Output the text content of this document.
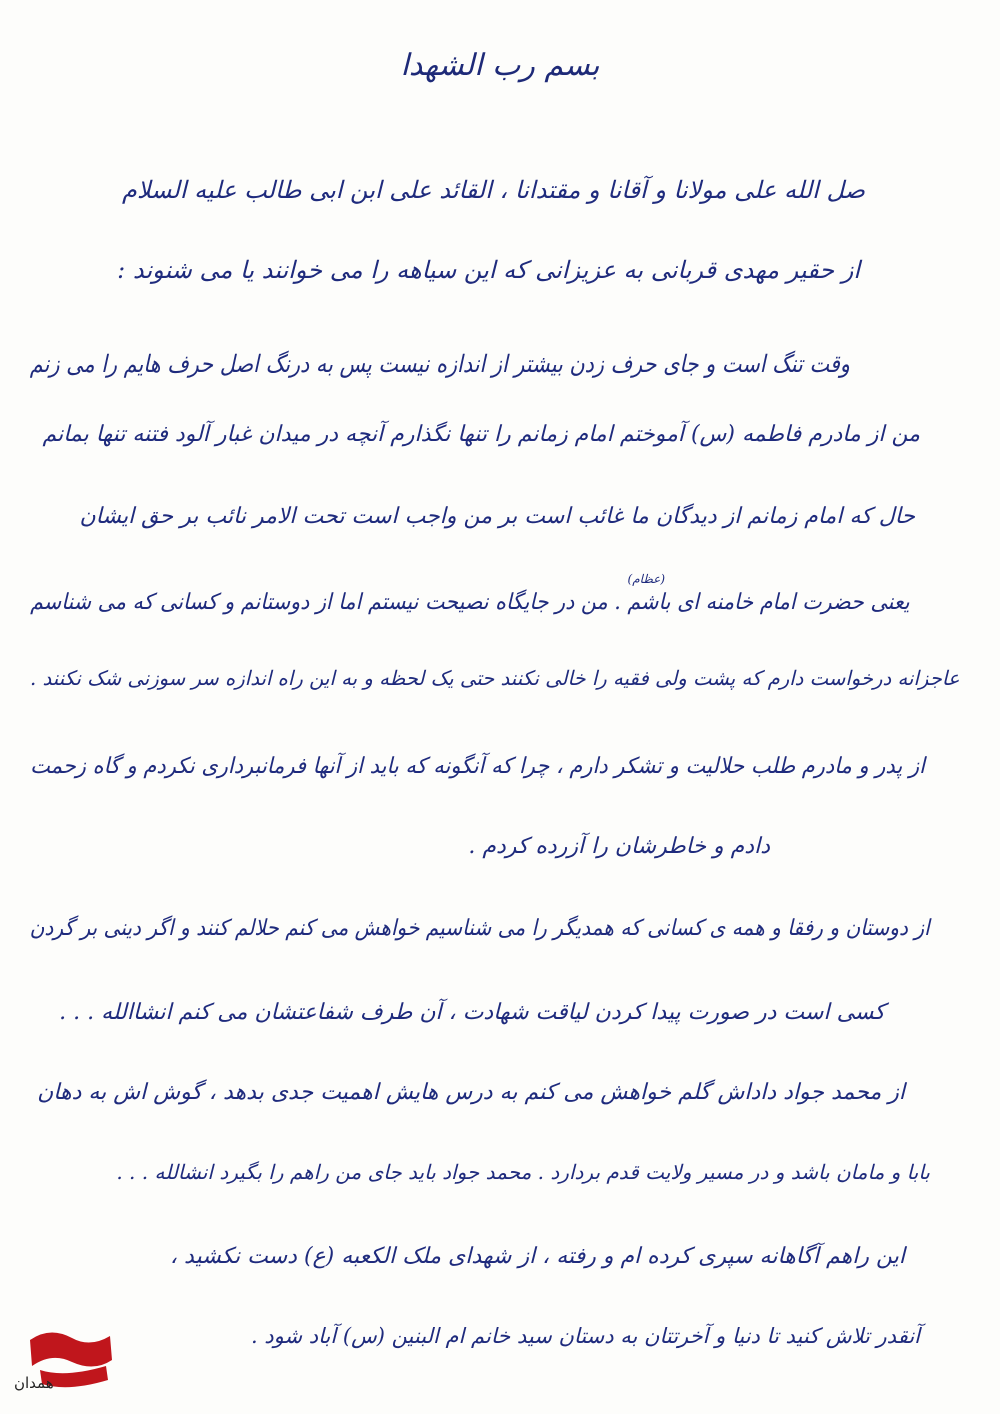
بسم رب الشهدا
صل الله علی مولانا و آقانا و مقتدانا ، القائد علی ابن ابی طالب علیه السلام
از حقیر مهدی قربانی به عزیزانی که این سیاهه را می خوانند یا می شنوند :
وقت تنگ است و جای حرف زدن بیشتر از اندازه نیست پس به درنگ اصل حرف هایم را می زنم
من از مادرم فاطمه (س) آموختم امام زمانم را تنها نگذارم آنچه در میدان غبار آلود فتنه تنها بمانم
حال که امام زمانم از دیدگان ما غائب است بر من واجب است تحت الامر نائب بر حق ایشان
(عظام)
یعنی حضرت امام خامنه ای باشم . من در جایگاه نصیحت نیستم اما از دوستانم و کسانی که می شناسم
عاجزانه درخواست دارم که پشت ولی فقیه را خالی نکنند حتی یک لحظه و به این راه اندازه سر سوزنی شک نکنند .
از پدر و مادرم طلب حلالیت و تشکر دارم ، چرا که آنگونه که باید از آنها فرمانبرداری نکردم و گاه زحمت
دادم و خاطرشان را آزرده کردم .
از دوستان و رفقا و همه ی کسانی که همدیگر را می شناسیم خواهش می کنم حلالم کنند و اگر دینی بر گردن
کسی است در صورت پیدا کردن لیاقت شهادت ، آن طرف شفاعتشان می کنم انشاالله . . .
از محمد جواد داداش گلم خواهش می کنم به درس هایش اهمیت جدی بدهد ، گوش اش به دهان
بابا و مامان باشد و در مسیر ولایت قدم بردارد . محمد جواد باید جای من راهم را بگیرد انشالله . . .
این راهم آگاهانه سپری کرده ام و رفته ، از شهدای ملک الکعبه (ع) دست نکشید ،
آنقدر تلاش کنید تا دنیا و آخرتتان به دستان سید خانم ام البنین (س) آباد شود .
همدان
